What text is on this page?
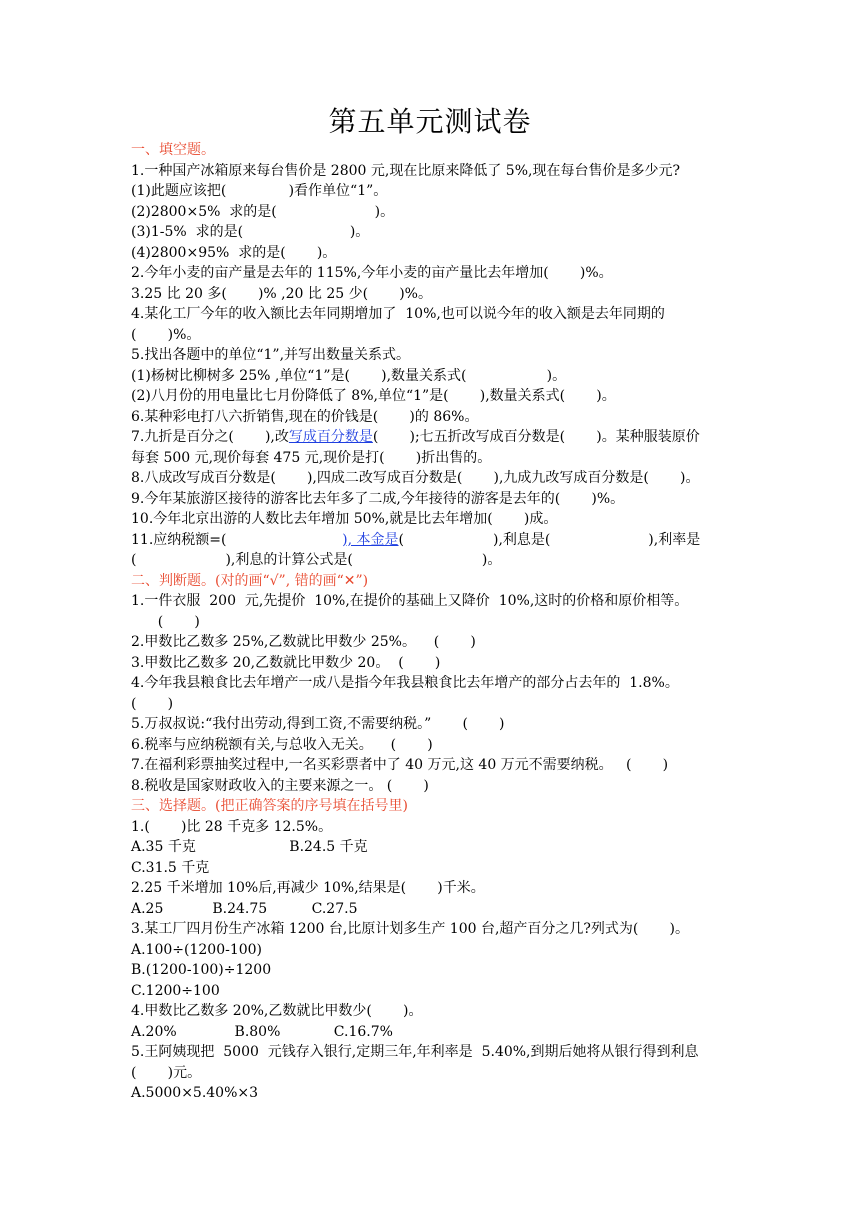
第五单元测试卷
一、填空题。
1.一种国产冰箱原来每台售价是 2800 元,现在比原来降低了 5%,现在每台售价是多少元?
(1)此题应该把(              )看作单位“1”。
(2)2800×5%  求的是(                      )。
(3)1-5%  求的是(                        )。
(4)2800×95%  求的是(       )。
2.今年小麦的亩产量是去年的 115%,今年小麦的亩产量比去年增加(       )%。
3.25 比 20 多(       )% ,20 比 25 少(       )%。
4.某化工厂今年的收入额比去年同期增加了  10%,也可以说今年的收入额是去年同期的
(       )%。
5.找出各题中的单位“1”,并写出数量关系式。
(1)杨树比柳树多 25% ,单位“1”是(       ),数量关系式(                  )。
(2)八月份的用电量比七月份降低了 8%,单位“1”是(       ),数量关系式(       )。
6.某种彩电打八六折销售,现在的价钱是(       )的 86%。
7.九折是百分之(       ),改写成百分数是(       );七五折改写成百分数是(       )。某种服装原价
每套 500 元,现价每套 475 元,现价是打(       )折出售的。
8.八成改写成百分数是(       ),四成二改写成百分数是(       ),九成九改写成百分数是(       )。
9.今年某旅游区接待的游客比去年多了二成,今年接待的游客是去年的(       )%。
10.今年北京出游的人数比去年增加 50%,就是比去年增加(       )成。
11.应纳税额=(                          ), 本金是(                    ),利息是(                      ),利率是
(                    ),利息的计算公式是(                             )。
二、判断题。(对的画“√”, 错的画“✕”)
1.一件衣服  200  元,先提价  10%,在提价的基础上又降价  10%,这时的价格和原价相等。
(       )
2.甲数比乙数多 25%,乙数就比甲数少 25%。    (       )
3.甲数比乙数多 20,乙数就比甲数少 20。  (       )
4.今年我县粮食比去年增产一成八是指今年我县粮食比去年增产的部分占去年的  1.8%。
(       )
5.万叔叔说:“我付出劳动,得到工资,不需要纳税。”       (       )
6.税率与应纳税额有关,与总收入无关。    (       )
7.在福利彩票抽奖过程中,一名买彩票者中了 40 万元,这 40 万元不需要纳税。   (       )
8.税收是国家财政收入的主要来源之一。 (       )
三、选择题。(把正确答案的序号填在括号里)
1.(       )比 28 千克多 12.5%。
A.35 千克                     B.24.5 千克
C.31.5 千克
2.25 千米增加 10%后,再减少 10%,结果是(       )千米。
A.25           B.24.75          C.27.5
3.某工厂四月份生产冰箱 1200 台,比原计划多生产 100 台,超产百分之几?列式为(       )。
A.100÷(1200-100)
B.(1200-100)÷1200
C.1200÷100
4.甲数比乙数多 20%,乙数就比甲数少(       )。
A.20%             B.80%            C.16.7%
5.王阿姨现把  5000  元钱存入银行,定期三年,年利率是  5.40%,到期后她将从银行得到利息
(       )元。
A.5000×5.40%×3
